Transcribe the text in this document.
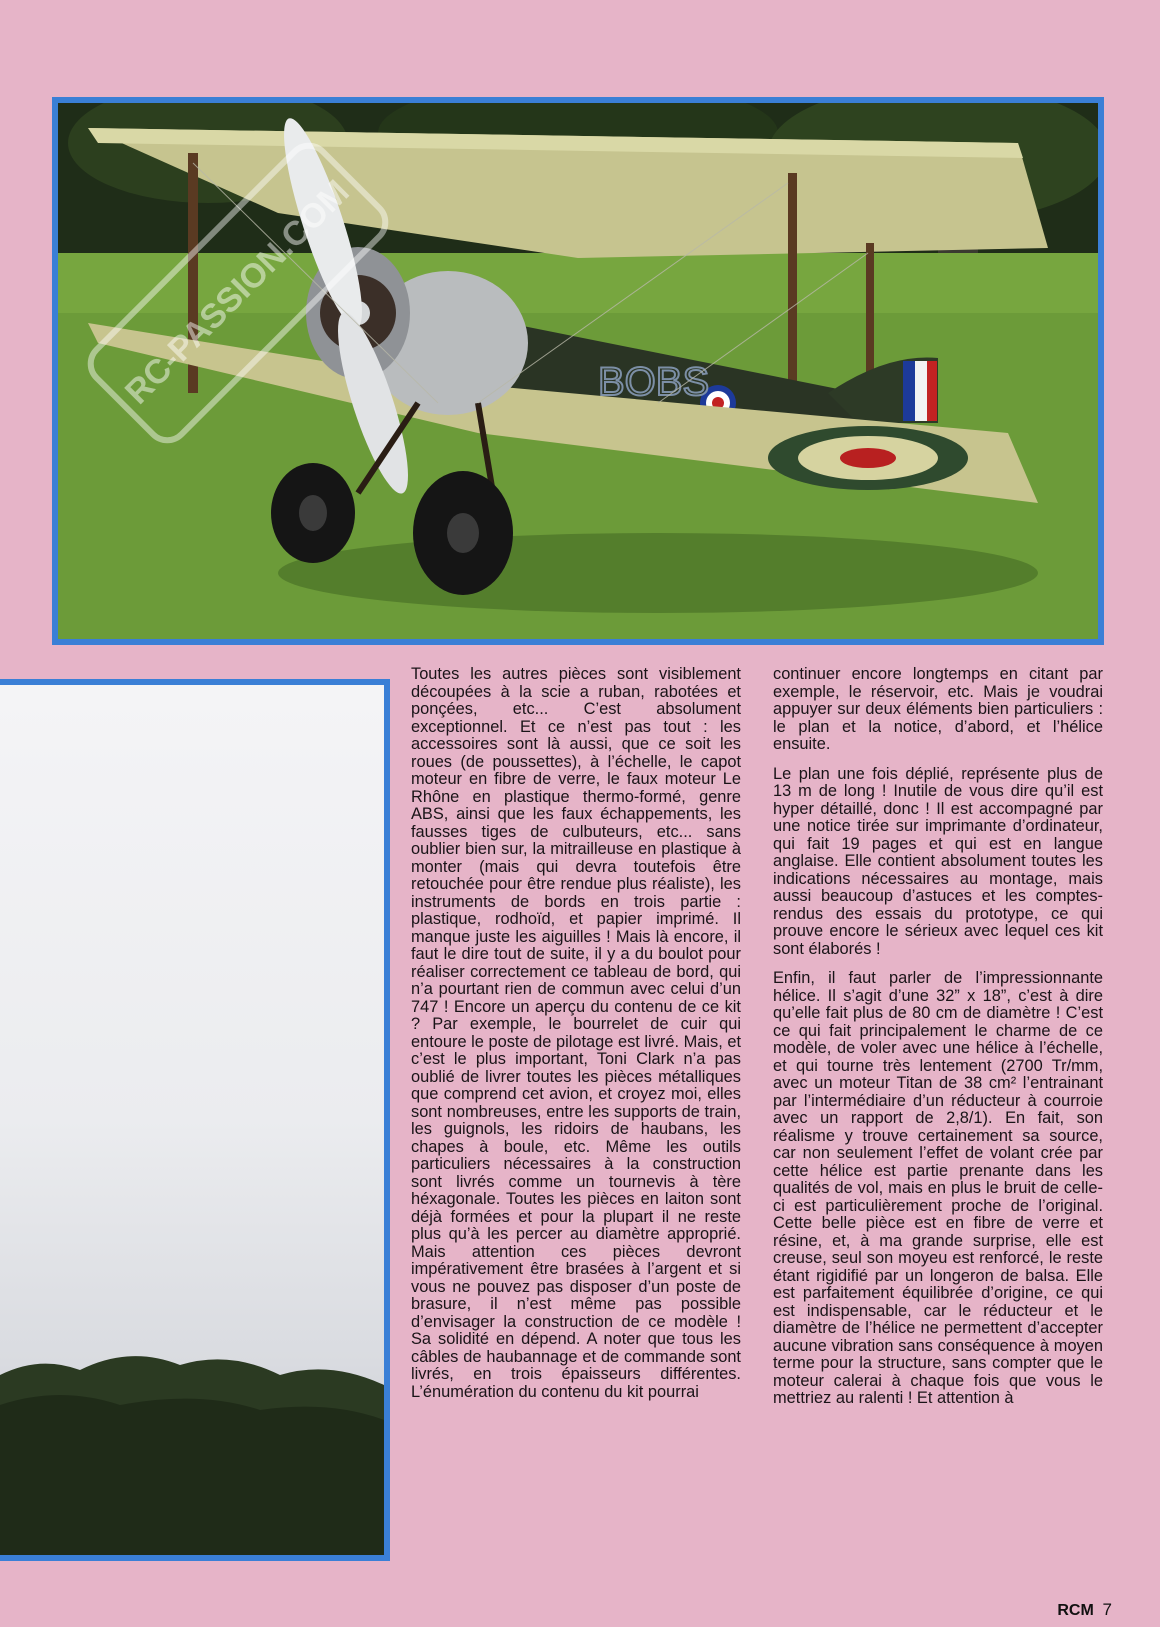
BOBS
RC-PASSION.COM

Toutes les autres pièces sont visiblement découpées à la scie a ruban, rabotées et ponçées, etc... C’est absolument exceptionnel. Et ce n’est pas tout : les accessoires sont là aussi, que ce soit les roues (de poussettes), à l’échelle, le capot moteur en fibre de verre, le faux moteur Le Rhône en plastique thermo-formé, genre ABS, ainsi que les faux échappements, les fausses tiges de culbuteurs, etc... sans oublier bien sur, la mitrailleuse en plastique à monter (mais qui devra toutefois être retouchée pour être rendue plus réaliste), les instruments de bords en trois partie : plastique, rodhoïd, et papier imprimé. Il manque juste les aiguilles ! Mais là encore, il faut le dire tout de suite, il y a du boulot pour réaliser correctement ce tableau de bord, qui n’a pourtant rien de commun avec celui d’un 747 ! Encore un aperçu du contenu de ce kit ? Par exemple, le bourrelet de cuir qui entoure le poste de pilotage est livré. Mais, et c’est le plus important, Toni Clark n’a pas oublié de livrer toutes les pièces métalliques que comprend cet avion, et croyez moi, elles sont nombreuses, entre les supports de train, les guignols, les ridoirs de haubans, les chapes à boule, etc. Même les outils particuliers nécessaires à la construction sont livrés comme un tournevis à tère héxagonale. Toutes les pièces en laiton sont déjà formées et pour la plupart il ne reste plus qu’à les percer au diamètre approprié. Mais attention ces pièces devront impérativement être brasées à l’argent et si vous ne pouvez pas disposer d’un poste de brasure, il n’est même pas possible d’envisager la construction de ce modèle ! Sa solidité en dépend. A noter que tous les câbles de haubannage et de commande sont livrés, en trois épaisseurs différentes. L’énumération du contenu du kit pourrai

continuer encore longtemps en citant par exemple, le réservoir, etc. Mais je voudrai appuyer sur deux éléments bien particuliers : le plan et la notice, d’abord, et l’hélice ensuite.

Le plan une fois déplié, représente plus de 13 m de long ! Inutile de vous dire qu’il est hyper détaillé, donc ! Il est accompagné par une notice tirée sur imprimante d’ordinateur, qui fait 19 pages et qui est en langue anglaise. Elle contient absolument toutes les indications nécessaires au montage, mais aussi beaucoup d’astuces et les comptes-rendus des essais du prototype, ce qui prouve encore le sérieux avec lequel ces kit sont élaborés !

Enfin, il faut parler de l’impressionnante hélice. Il s’agit d’une 32” x 18”, c’est à dire qu’elle fait plus de 80 cm de diamètre ! C’est ce qui fait principalement le charme de ce modèle, de voler avec une hélice à l’échelle, et qui tourne très lentement (2700 Tr/mm, avec un moteur Titan de 38 cm² l’entrainant par l’intermédiaire d’un réducteur à courroie avec un rapport de 2,8/1). En fait, son réalisme y trouve certainement sa source, car non seulement l’effet de volant crée par cette hélice est partie prenante dans les qualités de vol, mais en plus le bruit de celle-ci est particulièrement proche de l’original. Cette belle pièce est en fibre de verre et résine, et, à ma grande surprise, elle est creuse, seul son moyeu est renforcé, le reste étant rigidifié par un longeron de balsa. Elle est parfaitement équilibrée d’origine, ce qui est indispensable, car le réducteur et le diamètre de l’hélice ne permettent d’accepter aucune vibration sans conséquence à moyen terme pour la structure, sans compter que le moteur calerai à chaque fois que vous le mettriez au ralenti ! Et attention à

RCM 7
